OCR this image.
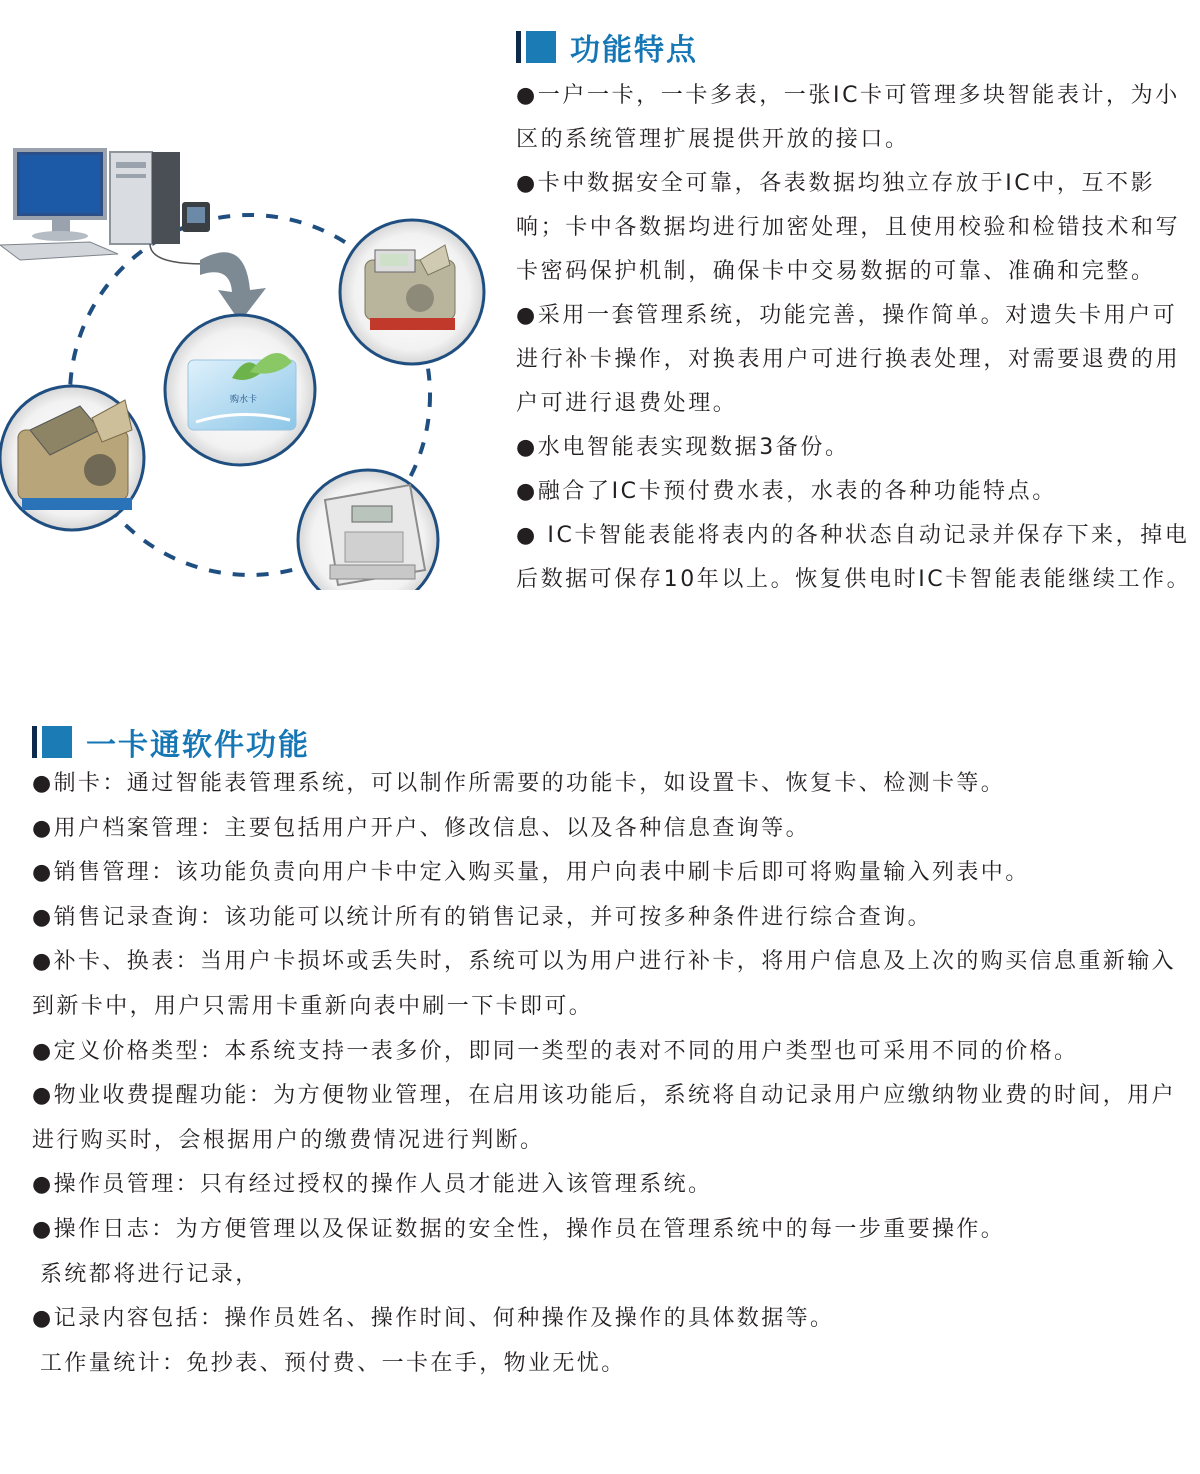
功能特点

●一户一卡，一卡多表，一张IC卡可管理多块智能表计，为小区的系统管理扩展提供开放的接口。

●卡中数据安全可靠，各表数据均独立存放于IC中，互不影响；卡中各数据均进行加密处理，且使用校验和检错技术和写卡密码保护机制，确保卡中交易数据的可靠、准确和完整。

●采用一套管理系统，功能完善，操作简单。对遗失卡用户可进行补卡操作，对换表用户可进行换表处理，对需要退费的用户可进行退费处理。

●水电智能表实现数据3备份。

●融合了IC卡预付费水表，水表的各种功能特点。

● IC卡智能表能将表内的各种状态自动记录并保存下来，掉电后数据可保存10年以上。恢复供电时IC卡智能表能继续工作。

购水卡
一卡通软件功能

●制卡：通过智能表管理系统，可以制作所需要的功能卡，如设置卡、恢复卡、检测卡等。

●用户档案管理：主要包括用户开户、修改信息、以及各种信息查询等。

●销售管理：该功能负责向用户卡中定入购买量，用户向表中刷卡后即可将购量输入列表中。

●销售记录查询：该功能可以统计所有的销售记录，并可按多种条件进行综合查询。

●补卡、换表：当用户卡损坏或丢失时，系统可以为用户进行补卡，将用户信息及上次的购买信息重新输入到新卡中，用户只需用卡重新向表中刷一下卡即可。

●定义价格类型：本系统支持一表多价，即同一类型的表对不同的用户类型也可采用不同的价格。

●物业收费提醒功能：为方便物业管理，在启用该功能后，系统将自动记录用户应缴纳物业费的时间，用户进行购买时，会根据用户的缴费情况进行判断。

●操作员管理：只有经过授权的操作人员才能进入该管理系统。

●操作日志：为方便管理以及保证数据的安全性，操作员在管理系统中的每一步重要操作。

系统都将进行记录，

●记录内容包括：操作员姓名、操作时间、何种操作及操作的具体数据等。

工作量统计：免抄表、预付费、一卡在手，物业无忧。
